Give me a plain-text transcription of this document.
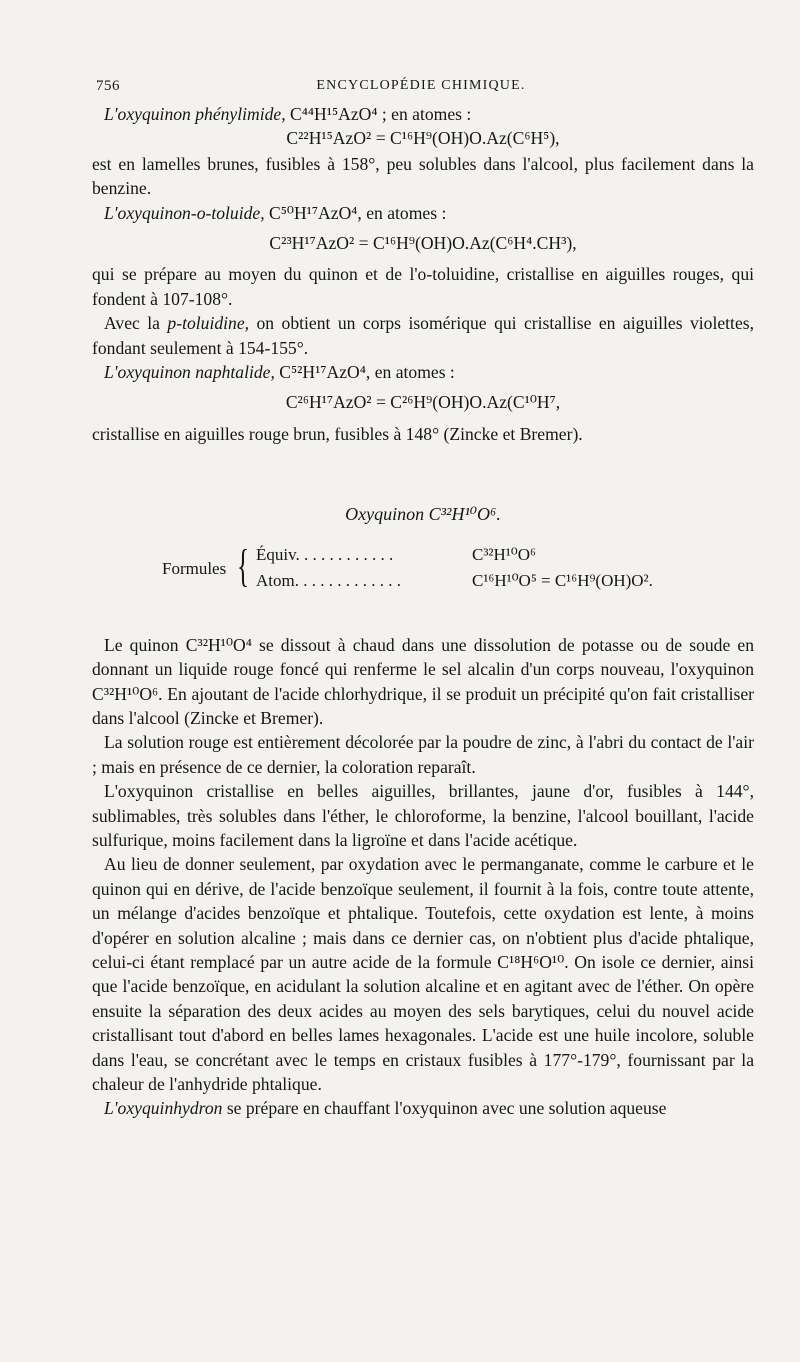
756	ENCYCLOPÉDIE CHIMIQUE.

L'oxyquinon phénylimide, C⁴⁴H¹⁵AzO⁴ ; en atomes :

C²²H¹⁵AzO² = C¹⁶H⁹(OH)O.Az(C⁶H⁵),

est en lamelles brunes, fusibles à 158°, peu solubles dans l'alcool, plus facilement dans la benzine.

L'oxyquinon-o-toluide, C⁵⁰H¹⁷AzO⁴, en atomes :

C²³H¹⁷AzO² = C¹⁶H⁹(OH)O.Az(C⁶H⁴.CH³),

qui se prépare au moyen du quinon et de l'o-toluidine, cristallise en aiguilles rouges, qui fondent à 107-108°.

Avec la p-toluidine, on obtient un corps isomérique qui cristallise en aiguilles violettes, fondant seulement à 154-155°.

L'oxyquinon naphtalide, C⁵²H¹⁷AzO⁴, en atomes :

C²⁶H¹⁷AzO² = C²⁶H⁹(OH)O.Az(C¹⁰H⁷,

cristallise en aiguilles rouge brun, fusibles à 148° (Zincke et Bremer).

Oxyquinon C³²H¹⁰O⁶.

Formules { Équiv. . . . . . . . . . . .	C³²H¹⁰O⁶
Atom. . . . . . . . . . . . .	C¹⁶H¹⁰O⁵ = C¹⁶H⁹(OH)O².

Le quinon C³²H¹⁰O⁴ se dissout à chaud dans une dissolution de potasse ou de soude en donnant un liquide rouge foncé qui renferme le sel alcalin d'un corps nouveau, l'oxyquinon C³²H¹⁰O⁶. En ajoutant de l'acide chlorhydrique, il se produit un précipité qu'on fait cristalliser dans l'alcool (Zincke et Bremer).

La solution rouge est entièrement décolorée par la poudre de zinc, à l'abri du contact de l'air ; mais en présence de ce dernier, la coloration reparaît.

L'oxyquinon cristallise en belles aiguilles, brillantes, jaune d'or, fusibles à 144°, sublimables, très solubles dans l'éther, le chloroforme, la benzine, l'alcool bouillant, l'acide sulfurique, moins facilement dans la ligroïne et dans l'acide acétique.

Au lieu de donner seulement, par oxydation avec le permanganate, comme le carbure et le quinon qui en dérive, de l'acide benzoïque seulement, il fournit à la fois, contre toute attente, un mélange d'acides benzoïque et phtalique. Toutefois, cette oxydation est lente, à moins d'opérer en solution alcaline ; mais dans ce dernier cas, on n'obtient plus d'acide phtalique, celui-ci étant remplacé par un autre acide de la formule C¹⁸H⁶O¹⁰. On isole ce dernier, ainsi que l'acide benzoïque, en acidulant la solution alcaline et en agitant avec de l'éther. On opère ensuite la séparation des deux acides au moyen des sels barytiques, celui du nouvel acide cristallisant tout d'abord en belles lames hexagonales. L'acide est une huile incolore, soluble dans l'eau, se concrétant avec le temps en cristaux fusibles à 177°-179°, fournissant par la chaleur de l'anhydride phtalique.

L'oxyquinhydron se prépare en chauffant l'oxyquinon avec une solution aqueuse
